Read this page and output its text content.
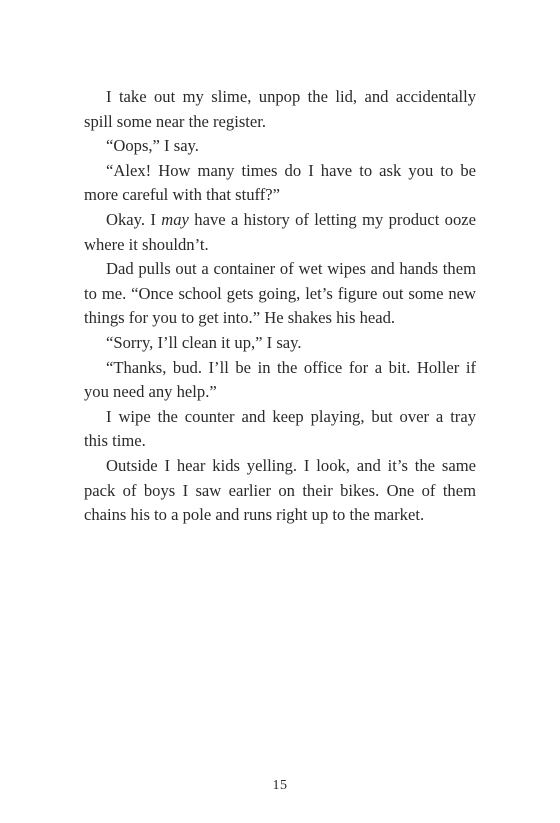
I take out my slime, unpop the lid, and accidentally spill some near the register.

“Oops,” I say.

“Alex! How many times do I have to ask you to be more careful with that stuff?”

Okay. I may have a history of letting my product ooze where it shouldn’t.

Dad pulls out a container of wet wipes and hands them to me. “Once school gets going, let’s figure out some new things for you to get into.” He shakes his head.

“Sorry, I’ll clean it up,” I say.

“Thanks, bud. I’ll be in the office for a bit. Holler if you need any help.”

I wipe the counter and keep playing, but over a tray this time.

Outside I hear kids yelling. I look, and it’s the same pack of boys I saw earlier on their bikes. One of them chains his to a pole and runs right up to the market.

15
